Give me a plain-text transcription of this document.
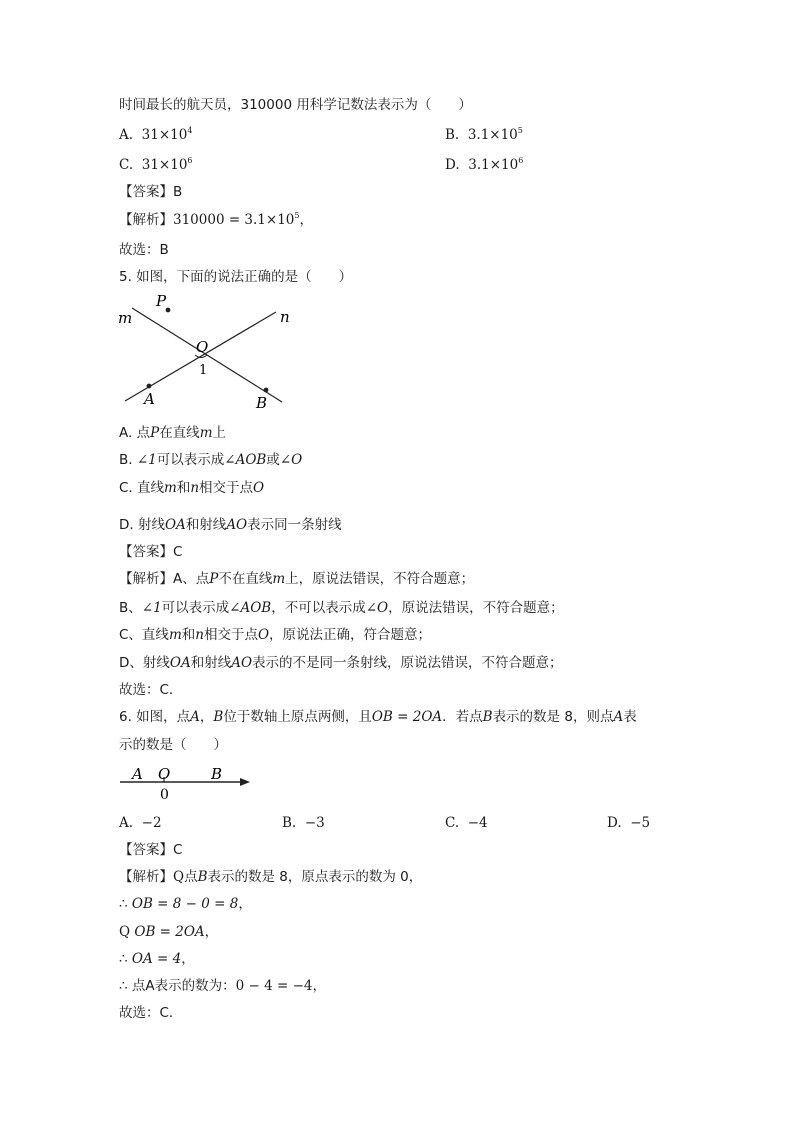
时间最长的航天员，310000 用科学记数法表示为（　　）
A. $31\times 10^4$	B. $3.1\times 10^5$
C. $31\times 10^6$	D. $3.1\times 10^6$
【答案】B
【解析】$310000 = 3.1\times 10^5$，
故选：B
5. 如图，下面的说法正确的是（　　）
m	n
P
O
1
A	B
A. 点P在直线m上
B. ∠1可以表示成∠AOB或∠O
C. 直线m和n相交于点O
D. 射线OA和射线AO表示同一条射线
【答案】C
【解析】A、点P不在直线m上，原说法错误，不符合题意；
B、∠1可以表示成∠AOB，不可以表示成∠O，原说法错误，不符合题意；
C、直线m和n相交于点O，原说法正确，符合题意；
D、射线OA和射线AO表示的不是同一条射线，原说法错误，不符合题意；
故选：C．
6. 如图，点A，B位于数轴上原点两侧，且OB = 2OA．若点B表示的数是 8，则点A表
示的数是（　　）
A O	B
0
A. −2	B. −3	C. −4	D. −5
【答案】C
【解析】Q点B表示的数是 8，原点表示的数为 0，
∴ OB = 8 − 0 = 8，
Q OB = 2OA，
∴ OA = 4，
∴ 点A表示的数为：0 − 4 = −4，
故选：C．
